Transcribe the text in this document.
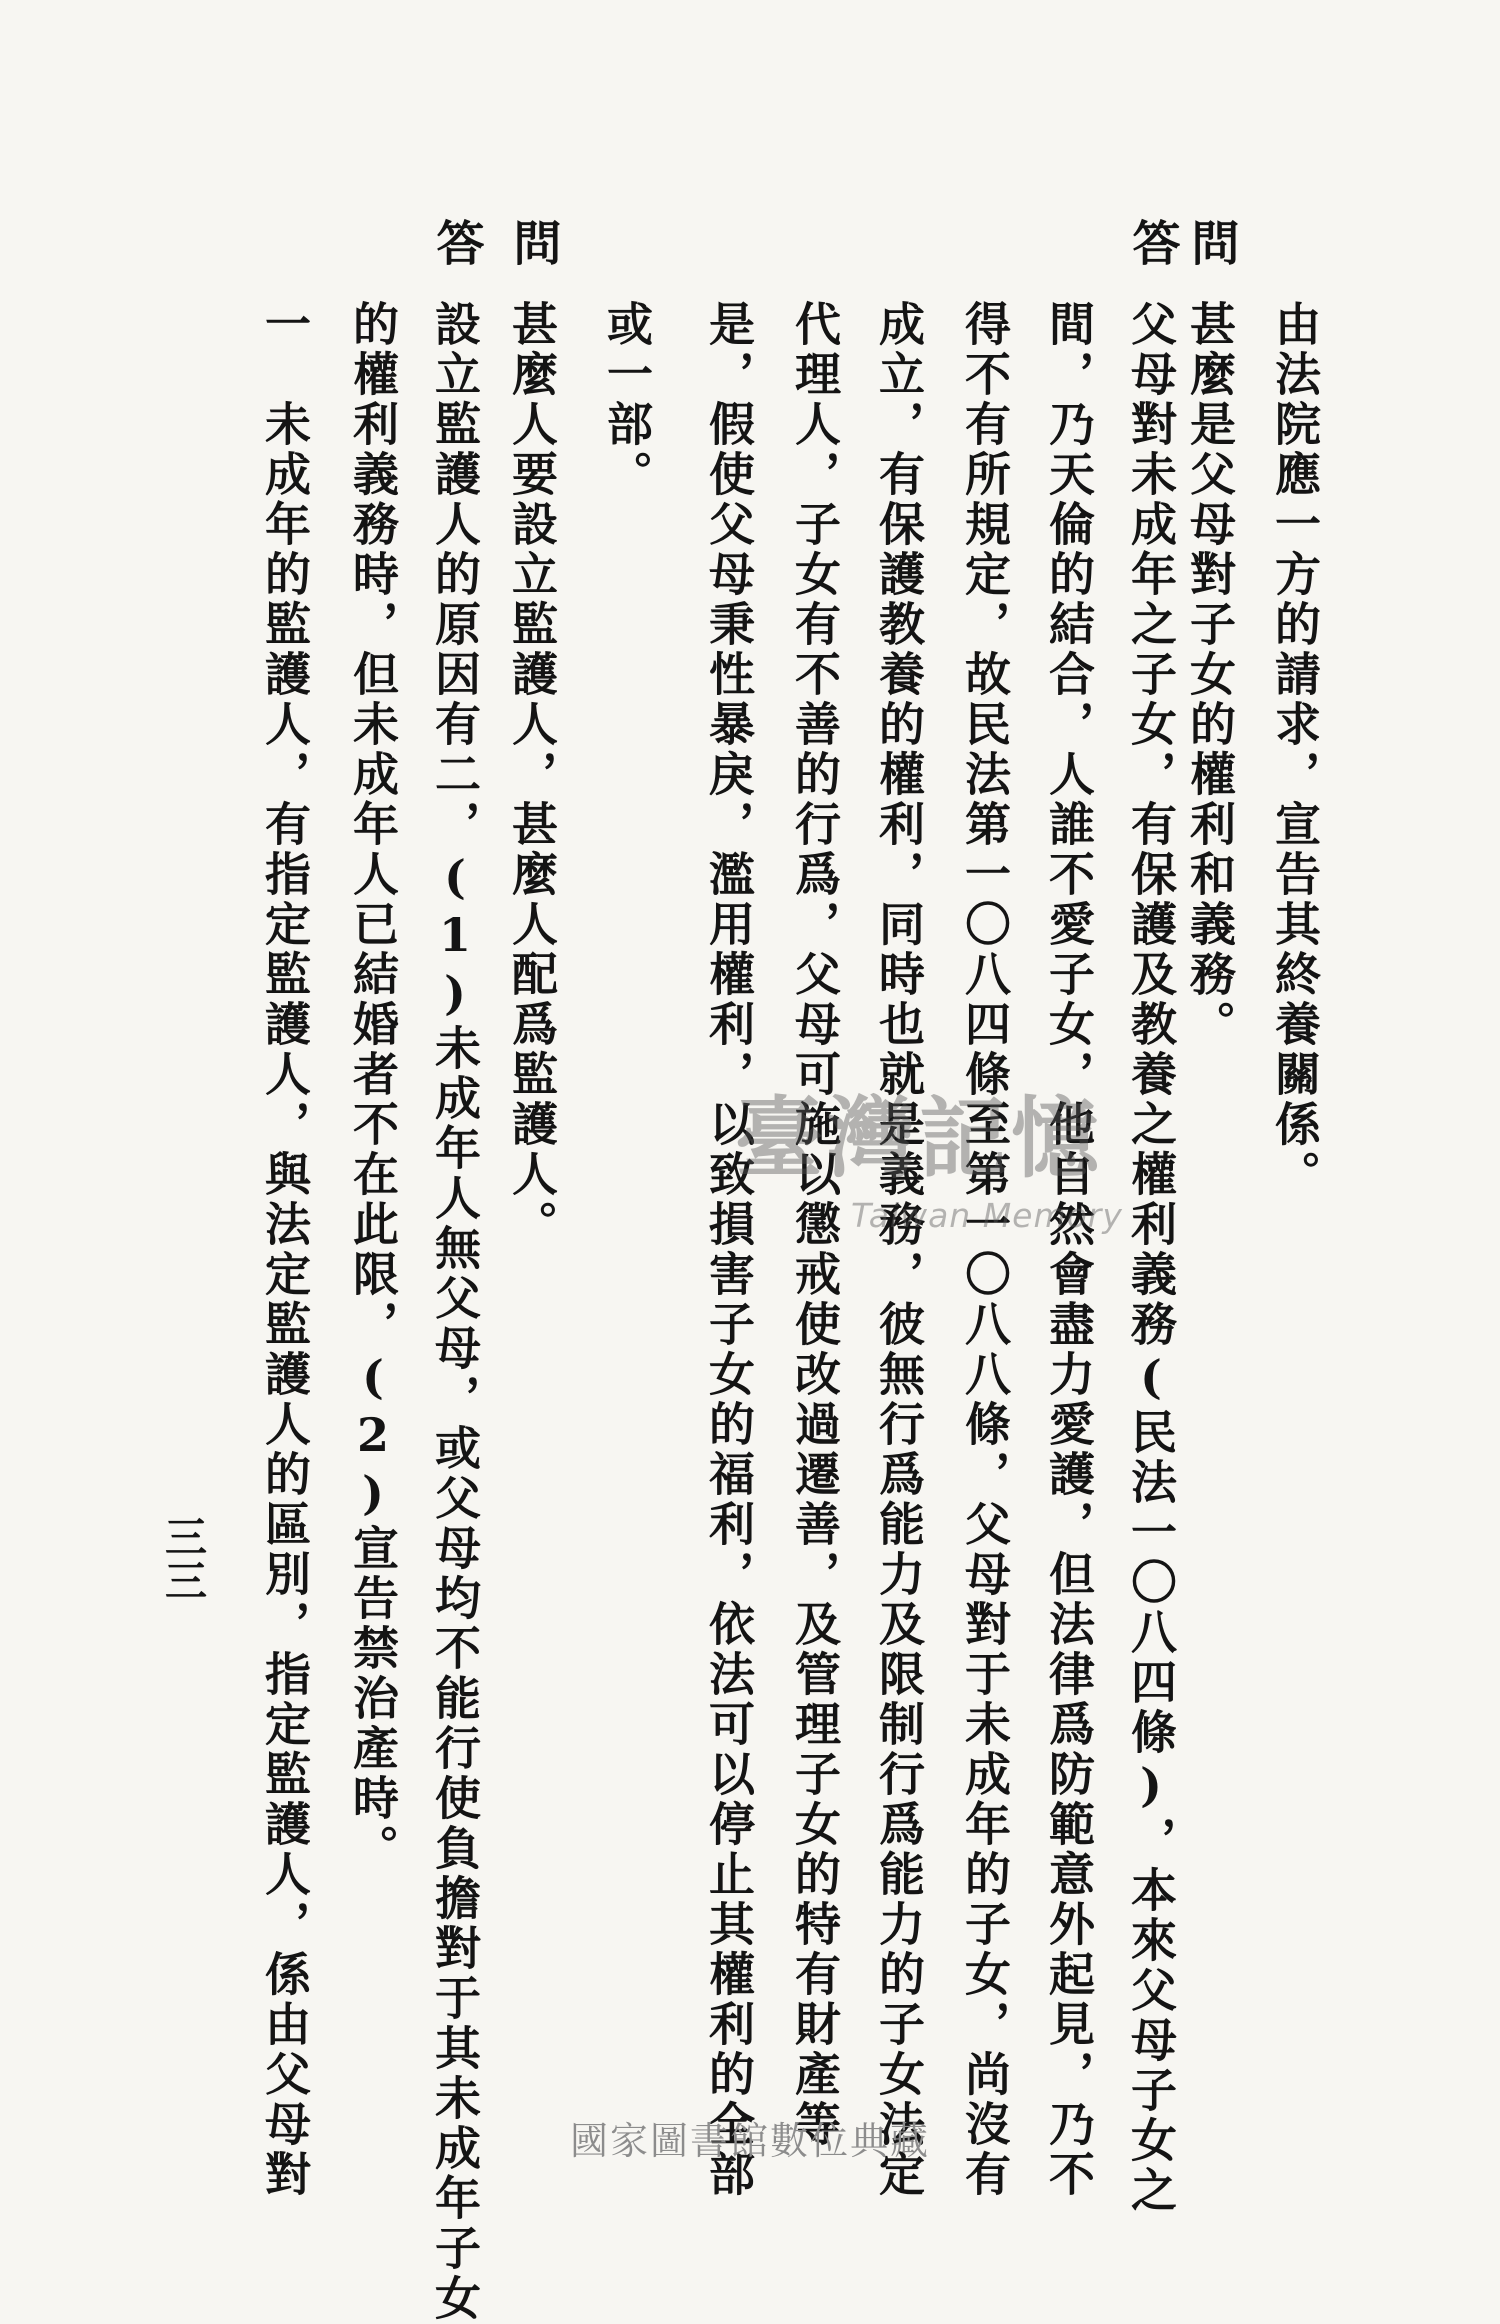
問
答
問
答
由法院應一方的請求，宣告其終養關係。
甚麼是父母對子女的權利和義務。
父母對未成年之子女，有保護及教養之權利義務(民法一〇八四條)，本來父母子女之
間，乃天倫的結合，人誰不愛子女，他自然會盡力愛護，但法律爲防範意外起見，乃不
得不有所規定，故民法第一〇八四條至第一〇八八條，父母對于未成年的子女，尚沒有
成立，有保護教養的權利，同時也就是義務，彼無行爲能力及限制行爲能力的子女法定
代理人，子女有不善的行爲，父母可施以懲戒使改過遷善，及管理子女的特有財產等
是，假使父母秉性暴戾，濫用權利，以致損害子女的福利，依法可以停止其權利的全部
或一部。
甚麼人要設立監護人，甚麼人配爲監護人。
設立監護人的原因有二，(1)未成年人無父母，或父母均不能行使負擔對于其未成年子女
的權利義務時，但未成年人已結婚者不在此限，(2)宣告禁治產時。
一　未成年的監護人，有指定監護人，與法定監護人的區別，指定監護人，係由父母對
三三
臺灣記憶
Taiwan Memory
國家圖書館數位典藏
